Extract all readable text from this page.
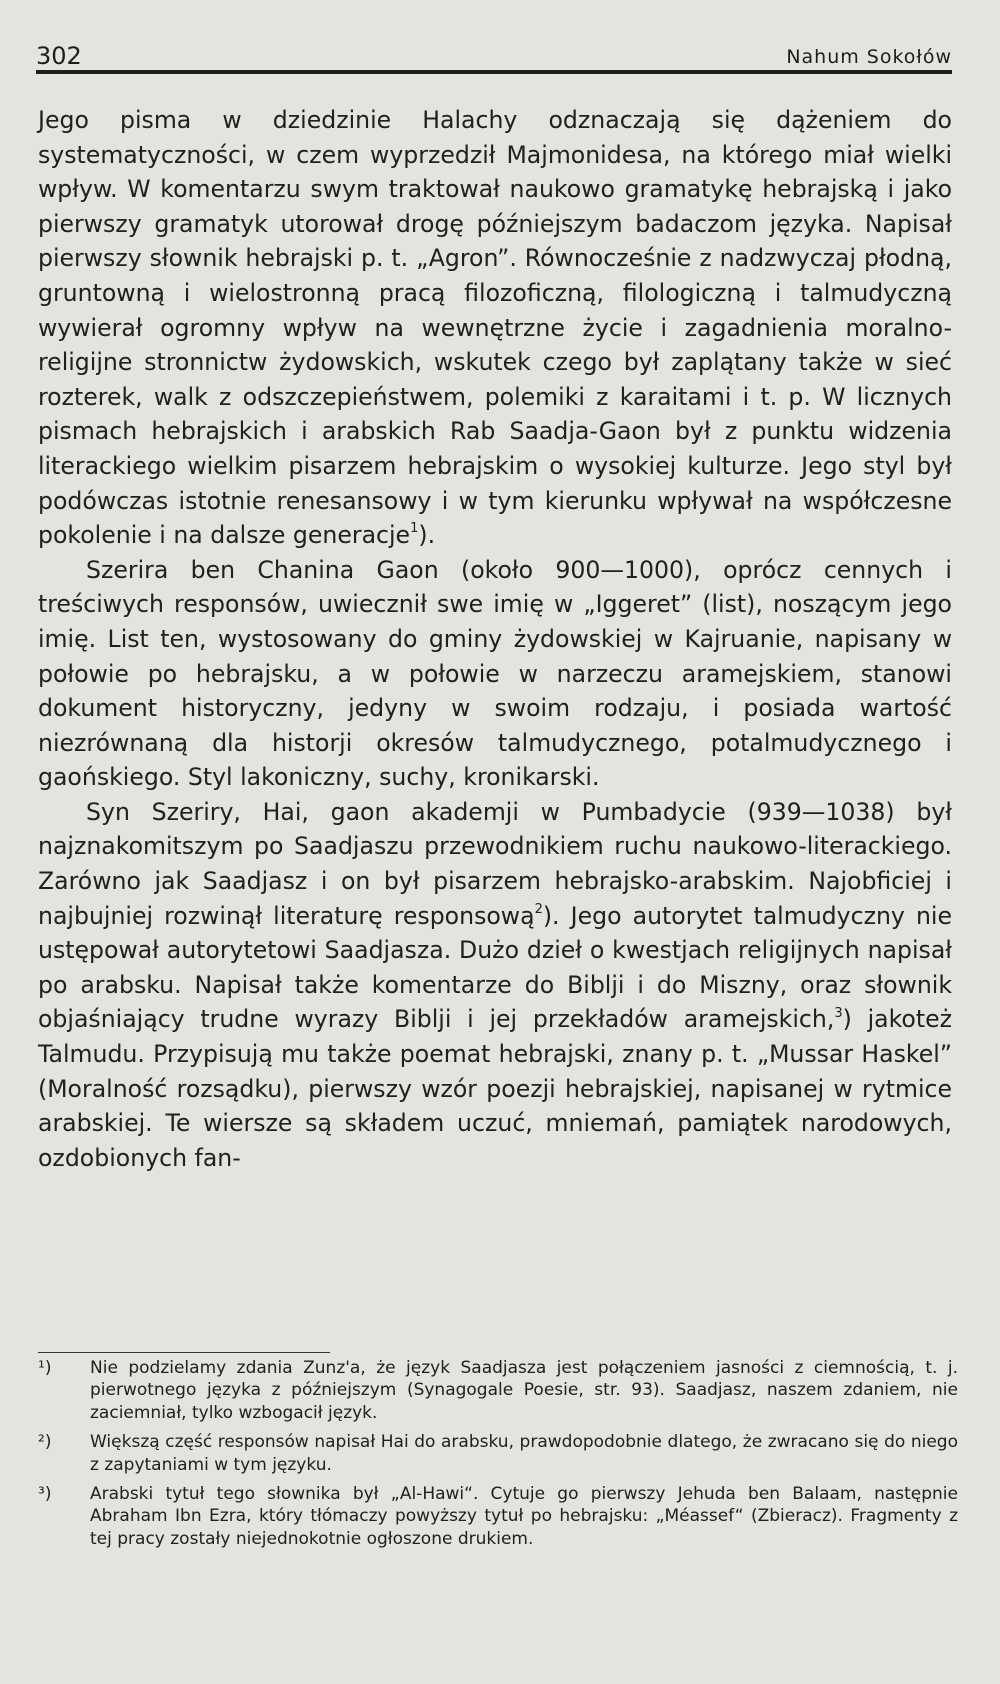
302	Nahum Sokołów

Jego pisma w dziedzinie Halachy odznaczają się dążeniem do systematyczności, w czem wyprzedził Majmonidesa, na którego miał wielki wpływ. W komentarzu swym traktował naukowo gramatykę hebrajską i jako pierwszy gramatyk utorował drogę późniejszym badaczom języka. Napisał pierwszy słownik hebrajski p. t. „Agron”. Równocześnie z nadzwyczaj płodną, gruntowną i wielostronną pracą filozoficzną, filologiczną i talmudyczną wywierał ogromny wpływ na wewnętrzne życie i zagadnienia moralno-religijne stronnictw żydowskich, wskutek czego był zaplątany także w sieć rozterek, walk z odszczepieństwem, polemiki z karaitami i t. p. W licznych pismach hebrajskich i arabskich Rab Saadja-Gaon był z punktu widzenia literackiego wielkim pisarzem hebrajskim o wysokiej kulturze. Jego styl był podówczas istotnie renesansowy i w tym kierunku wpływał na współczesne pokolenie i na dalsze generacje$^1$).

Szerira ben Chanina Gaon (około 900—1000), oprócz cennych i treściwych responsów, uwiecznił swe imię w „Iggeret” (list), noszącym jego imię. List ten, wystosowany do gminy żydowskiej w Kajruanie, napisany w połowie po hebrajsku, a w połowie w narzeczu aramejskiem, stanowi dokument historyczny, jedyny w swoim rodzaju, i posiada wartość niezrównaną dla historji okresów talmudycznego, potalmudycznego i gaońskiego. Styl lakoniczny, suchy, kronikarski.

Syn Szeriry, Hai, gaon akademji w Pumbadycie (939—1038) był najznakomitszym po Saadjaszu przewodnikiem ruchu naukowo-literackiego. Zarówno jak Saadjasz i on był pisarzem hebrajsko-arabskim. Najobficiej i najbujniej rozwinął literaturę responsową$^2$). Jego autorytet talmudyczny nie ustępował autorytetowi Saadjasza. Dużo dzieł o kwestjach religijnych napisał po arabsku. Napisał także komentarze do Biblji i do Miszny, oraz słownik objaśniający trudne wyrazy Biblji i jej przekładów aramejskich,$^3$) jakoteż Talmudu. Przypisują mu także poemat hebrajski, znany p. t. „Mussar Haskel” (Moralność rozsądku), pierwszy wzór poezji hebrajskiej, napisanej w rytmice arabskiej. Te wiersze są składem uczuć, mniemań, pamiątek narodowych, ozdobionych fan-

¹) Nie podzielamy zdania Zunz'a, że język Saadjasza jest połączeniem jasności z ciemnością, t. j. pierwotnego języka z późniejszym (Synagogale Poesie, str. 93). Saadjasz, naszem zdaniem, nie zaciemniał, tylko wzbogacił język.
²) Większą część responsów napisał Hai do arabsku, prawdopodobnie dlatego, że zwracano się do niego z zapytaniami w tym języku.
³) Arabski tytuł tego słownika był „Al-Hawi“. Cytuje go pierwszy Jehuda ben Balaam, następnie Abraham Ibn Ezra, który tłómaczy powyższy tytuł po hebrajsku: „Méassef“ (Zbieracz). Fragmenty z tej pracy zostały niejednokotnie ogłoszone drukiem.
